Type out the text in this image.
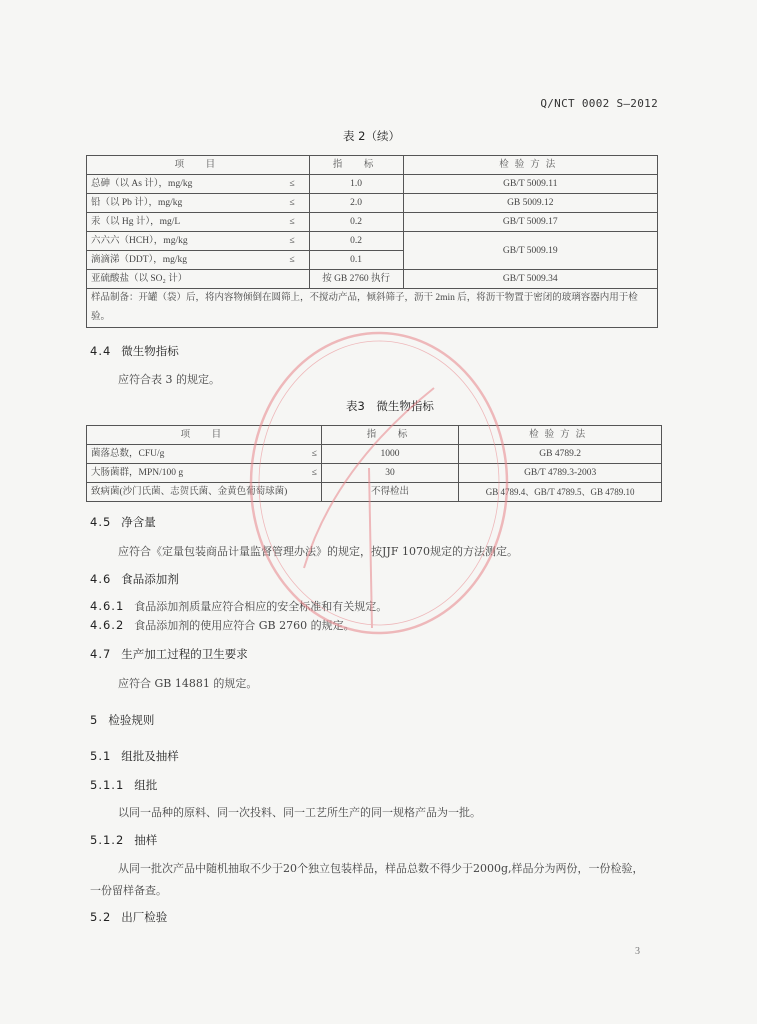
Q/NCT 0002 S—2012
表 2（续）
项　目	指　标	检验方法
总砷（以 As 计），mg/kg ≤	1.0	GB/T 5009.11
铅（以 Pb 计），mg/kg ≤	2.0	GB 5009.12
汞（以 Hg 计），mg/L ≤	0.2	GB/T 5009.17
六六六（HCH），mg/kg ≤	0.2	GB/T 5009.19
滴滴涕（DDT），mg/kg ≤	0.1	
亚硫酸盐（以 SO₂ 计）	按 GB 2760 执行	GB/T 5009.34
样品制备：开罐（袋）后，将内容物倾倒在圆筛上，不搅动产品，倾斜筛子，沥干 2min 后，将沥干物置于密闭的玻璃容器内用于检验。		
4.4 微生物指标
应符合表 3 的规定。
表3　微生物指标
项　目	指　标	检验方法
菌落总数，CFU/g ≤	1000	GB 4789.2
大肠菌群，MPN/100 g ≤	30	GB/T 4789.3-2003
致病菌(沙门氏菌、志贺氏菌、金黄色葡萄球菌)	不得检出	GB 4789.4、GB/T 4789.5、GB 4789.10
4.5 净含量
应符合《定量包装商品计量监督管理办法》的规定，按JJF 1070规定的方法测定。
4.6 食品添加剂
4.6.1 食品添加剂质量应符合相应的安全标准和有关规定。
4.6.2 食品添加剂的使用应符合 GB 2760 的规定。
4.7 生产加工过程的卫生要求
应符合 GB 14881 的规定。
5 检验规则
5.1 组批及抽样
5.1.1 组批
以同一品种的原料、同一次投料、同一工艺所生产的同一规格产品为一批。
5.1.2 抽样
从同一批次产品中随机抽取不少于20个独立包装样品，样品总数不得少于2000g,样品分为两份，一份检验，一份留样备查。
5.2 出厂检验
3
